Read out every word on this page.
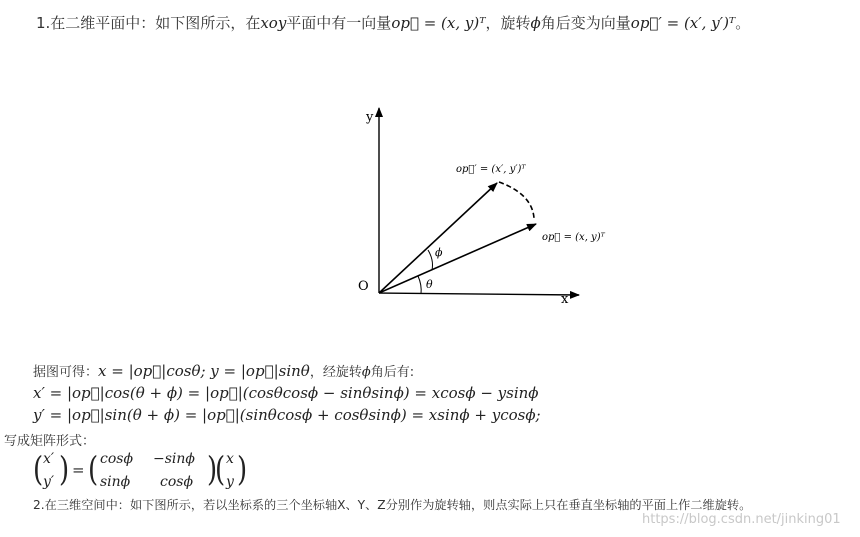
1.在二维平面中：如下图所示，在xoy平面中有一向量op⃗ = (x, y)ᵀ，旋转ϕ角后变为向量op⃗′ = (x′, y′)ᵀ。
y
x
O
op⃗′ = (x′, y′)ᵀ
op⃗ = (x, y)ᵀ
ϕ
θ
据图可得：x = |op⃗|cosθ; y = |op⃗|sinθ，经旋转ϕ角后有:
x′ = |op⃗|cos(θ + ϕ) = |op⃗|(cosθcosϕ − sinθsinϕ) = xcosϕ − ysinϕ
y′ = |op⃗|sin(θ + ϕ) = |op⃗|(sinθcosϕ + cosθsinϕ) = xsinϕ + ycosϕ;
写成矩阵形式：
( x′
y′ ) = ( cosϕ −sinϕ
sinϕ cosϕ )
( x
y )
2.在三维空间中：如下图所示，若以坐标系的三个坐标轴X、Y、Z分别作为旋转轴，则点实际上只在垂直坐标轴的平面上作二维旋转。
https://blog.csdn.net/jinking01
